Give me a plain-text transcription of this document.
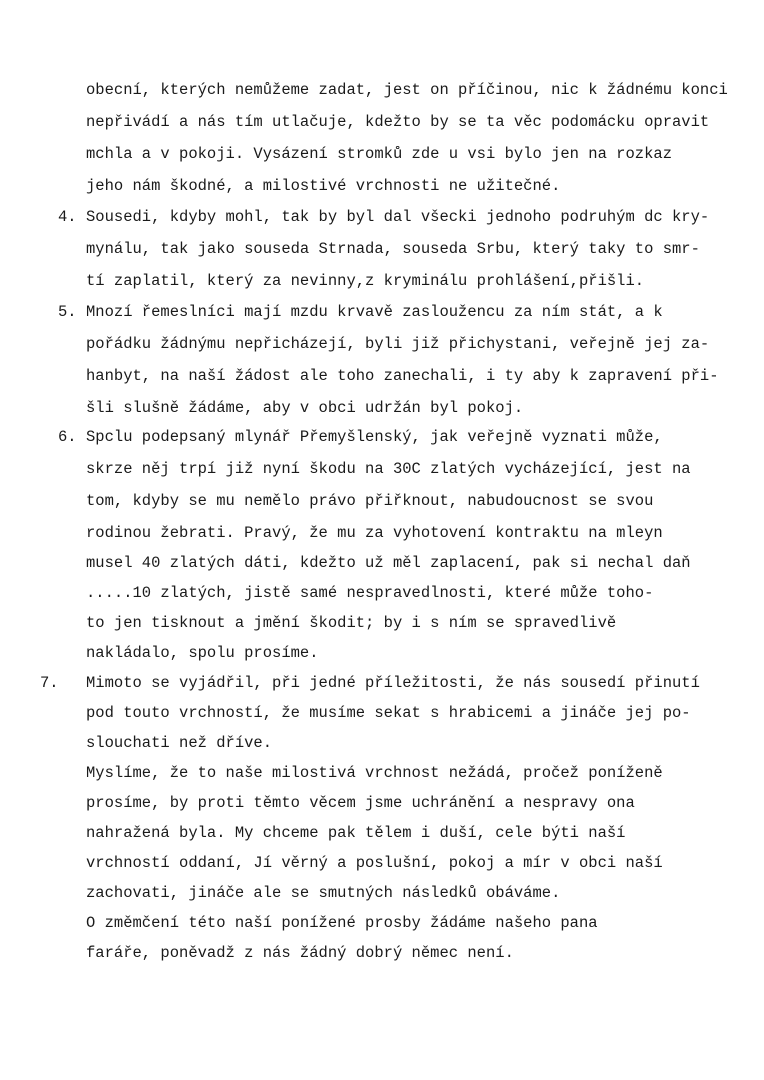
obecní, kterých nemůžeme zadat, jest on příčinou, nic k žádnému konci
nepřivádí a nás tím utlačuje, kdežto by se ta věc podomácku opravit
mchla a v pokoji. Vysázení stromků zde u vsi bylo jen na rozkaz
jeho nám škodné, a milostivé vrchnosti ne užitečné.
4. Sousedi, kdyby mohl, tak by byl dal všecki jednoho podruhým dc kry-
mynálu, tak jako souseda Strnada, souseda Srbu, který taky to smr-
tí zaplatil, který za nevinny,z kryminálu prohlášení,přišli.
5. Mnozí řemeslníci mají mzdu krvavě zasloužencu za ním stát, a k
pořádku žádnýmu nepřicházejí, byli již přichystani, veřejně jej za-
hanbyt, na naší žádost ale toho zanechali, i ty aby k zapravení při-
šli slušně žádáme, aby v obci udržán byl pokoj.
6. Spclu podepsaný mlynář Přemyšlenský, jak veřejně vyznati může,
skrze něj trpí již nyní škodu na 30C zlatých vycházející, jest na
tom, kdyby se mu nemělo právo přiřknout, nabudoucnost se svou
rodinou žebrati. Pravý, že mu za vyhotovení kontraktu na mleyn
musel 40 zlatých dáti, kdežto už měl zaplacení, pak si nechal daň
.....10 zlatých, jistě samé nespravedlnosti, které může toho-
to jen tisknout a jmění škodit; by i s ním se spravedlivě
nakládalo, spolu prosíme.
7. Mimoto se vyjádřil, při jedné příležitosti, že nás sousedí přinutí
pod touto vrchností, že musíme sekat s hrabicemi a jináče jej po-
slouchati než dříve.
Myslíme, že to naše milostivá vrchnost nežádá, pročež poníženě
prosíme, by proti těmto věcem jsme uchránění a nespravy ona
nahražená byla. My chceme pak tělem i duší, cele býti naší
vrchností oddaní, Jí věrný a poslušní, pokoj a mír v obci naší
zachovati, jináče ale se smutných následků obáváme.
O změmčení této naší ponížené prosby žádáme našeho pana
faráře, poněvadž z nás žádný dobrý němec není.
